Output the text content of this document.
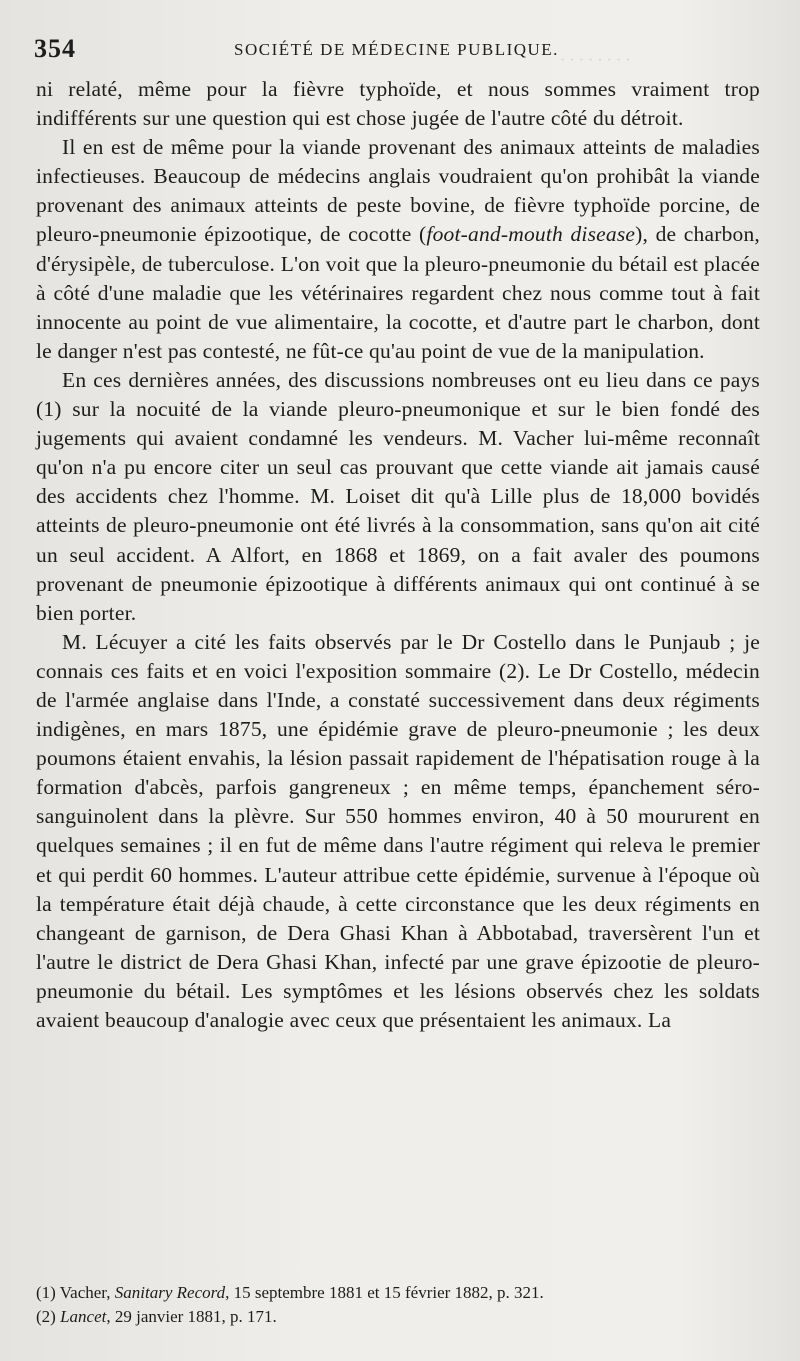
· · · · · · · ·
354	SOCIÉTÉ DE MÉDECINE PUBLIQUE.

ni relaté, même pour la fièvre typhoïde, et nous sommes vraiment trop indifférents sur une question qui est chose jugée de l'autre côté du détroit.

Il en est de même pour la viande provenant des animaux atteints de maladies infectieuses. Beaucoup de médecins anglais voudraient qu'on prohibât la viande provenant des animaux atteints de peste bovine, de fièvre typhoïde porcine, de pleuro-pneumonie épizootique, de cocotte (foot-and-mouth disease), de charbon, d'érysipèle, de tuberculose. L'on voit que la pleuro-pneumonie du bétail est placée à côté d'une maladie que les vétérinaires regardent chez nous comme tout à fait innocente au point de vue alimentaire, la cocotte, et d'autre part le charbon, dont le danger n'est pas contesté, ne fût-ce qu'au point de vue de la manipulation.

En ces dernières années, des discussions nombreuses ont eu lieu dans ce pays (1) sur la nocuité de la viande pleuro-pneumonique et sur le bien fondé des jugements qui avaient condamné les vendeurs. M. Vacher lui-même reconnaît qu'on n'a pu encore citer un seul cas prouvant que cette viande ait jamais causé des accidents chez l'homme. M. Loiset dit qu'à Lille plus de 18,000 bovidés atteints de pleuro-pneumonie ont été livrés à la consommation, sans qu'on ait cité un seul accident. A Alfort, en 1868 et 1869, on a fait avaler des poumons provenant de pneumonie épizootique à différents animaux qui ont continué à se bien porter.

M. Lécuyer a cité les faits observés par le Dr Costello dans le Punjaub ; je connais ces faits et en voici l'exposition sommaire (2). Le Dr Costello, médecin de l'armée anglaise dans l'Inde, a constaté successivement dans deux régiments indigènes, en mars 1875, une épidémie grave de pleuro-pneumonie ; les deux poumons étaient envahis, la lésion passait rapidement de l'hépatisation rouge à la formation d'abcès, parfois gangreneux ; en même temps, épanchement séro-sanguinolent dans la plèvre. Sur 550 hommes environ, 40 à 50 moururent en quelques semaines ; il en fut de même dans l'autre régiment qui releva le premier et qui perdit 60 hommes. L'auteur attribue cette épidémie, survenue à l'époque où la température était déjà chaude, à cette circonstance que les deux régiments en changeant de garnison, de Dera Ghasi Khan à Abbotabad, traversèrent l'un et l'autre le district de Dera Ghasi Khan, infecté par une grave épizootie de pleuro-pneumonie du bétail. Les symptômes et les lésions observés chez les soldats avaient beaucoup d'analogie avec ceux que présentaient les animaux. La

(1) Vacher, Sanitary Record, 15 septembre 1881 et 15 février 1882, p. 321.
(2) Lancet, 29 janvier 1881, p. 171.
